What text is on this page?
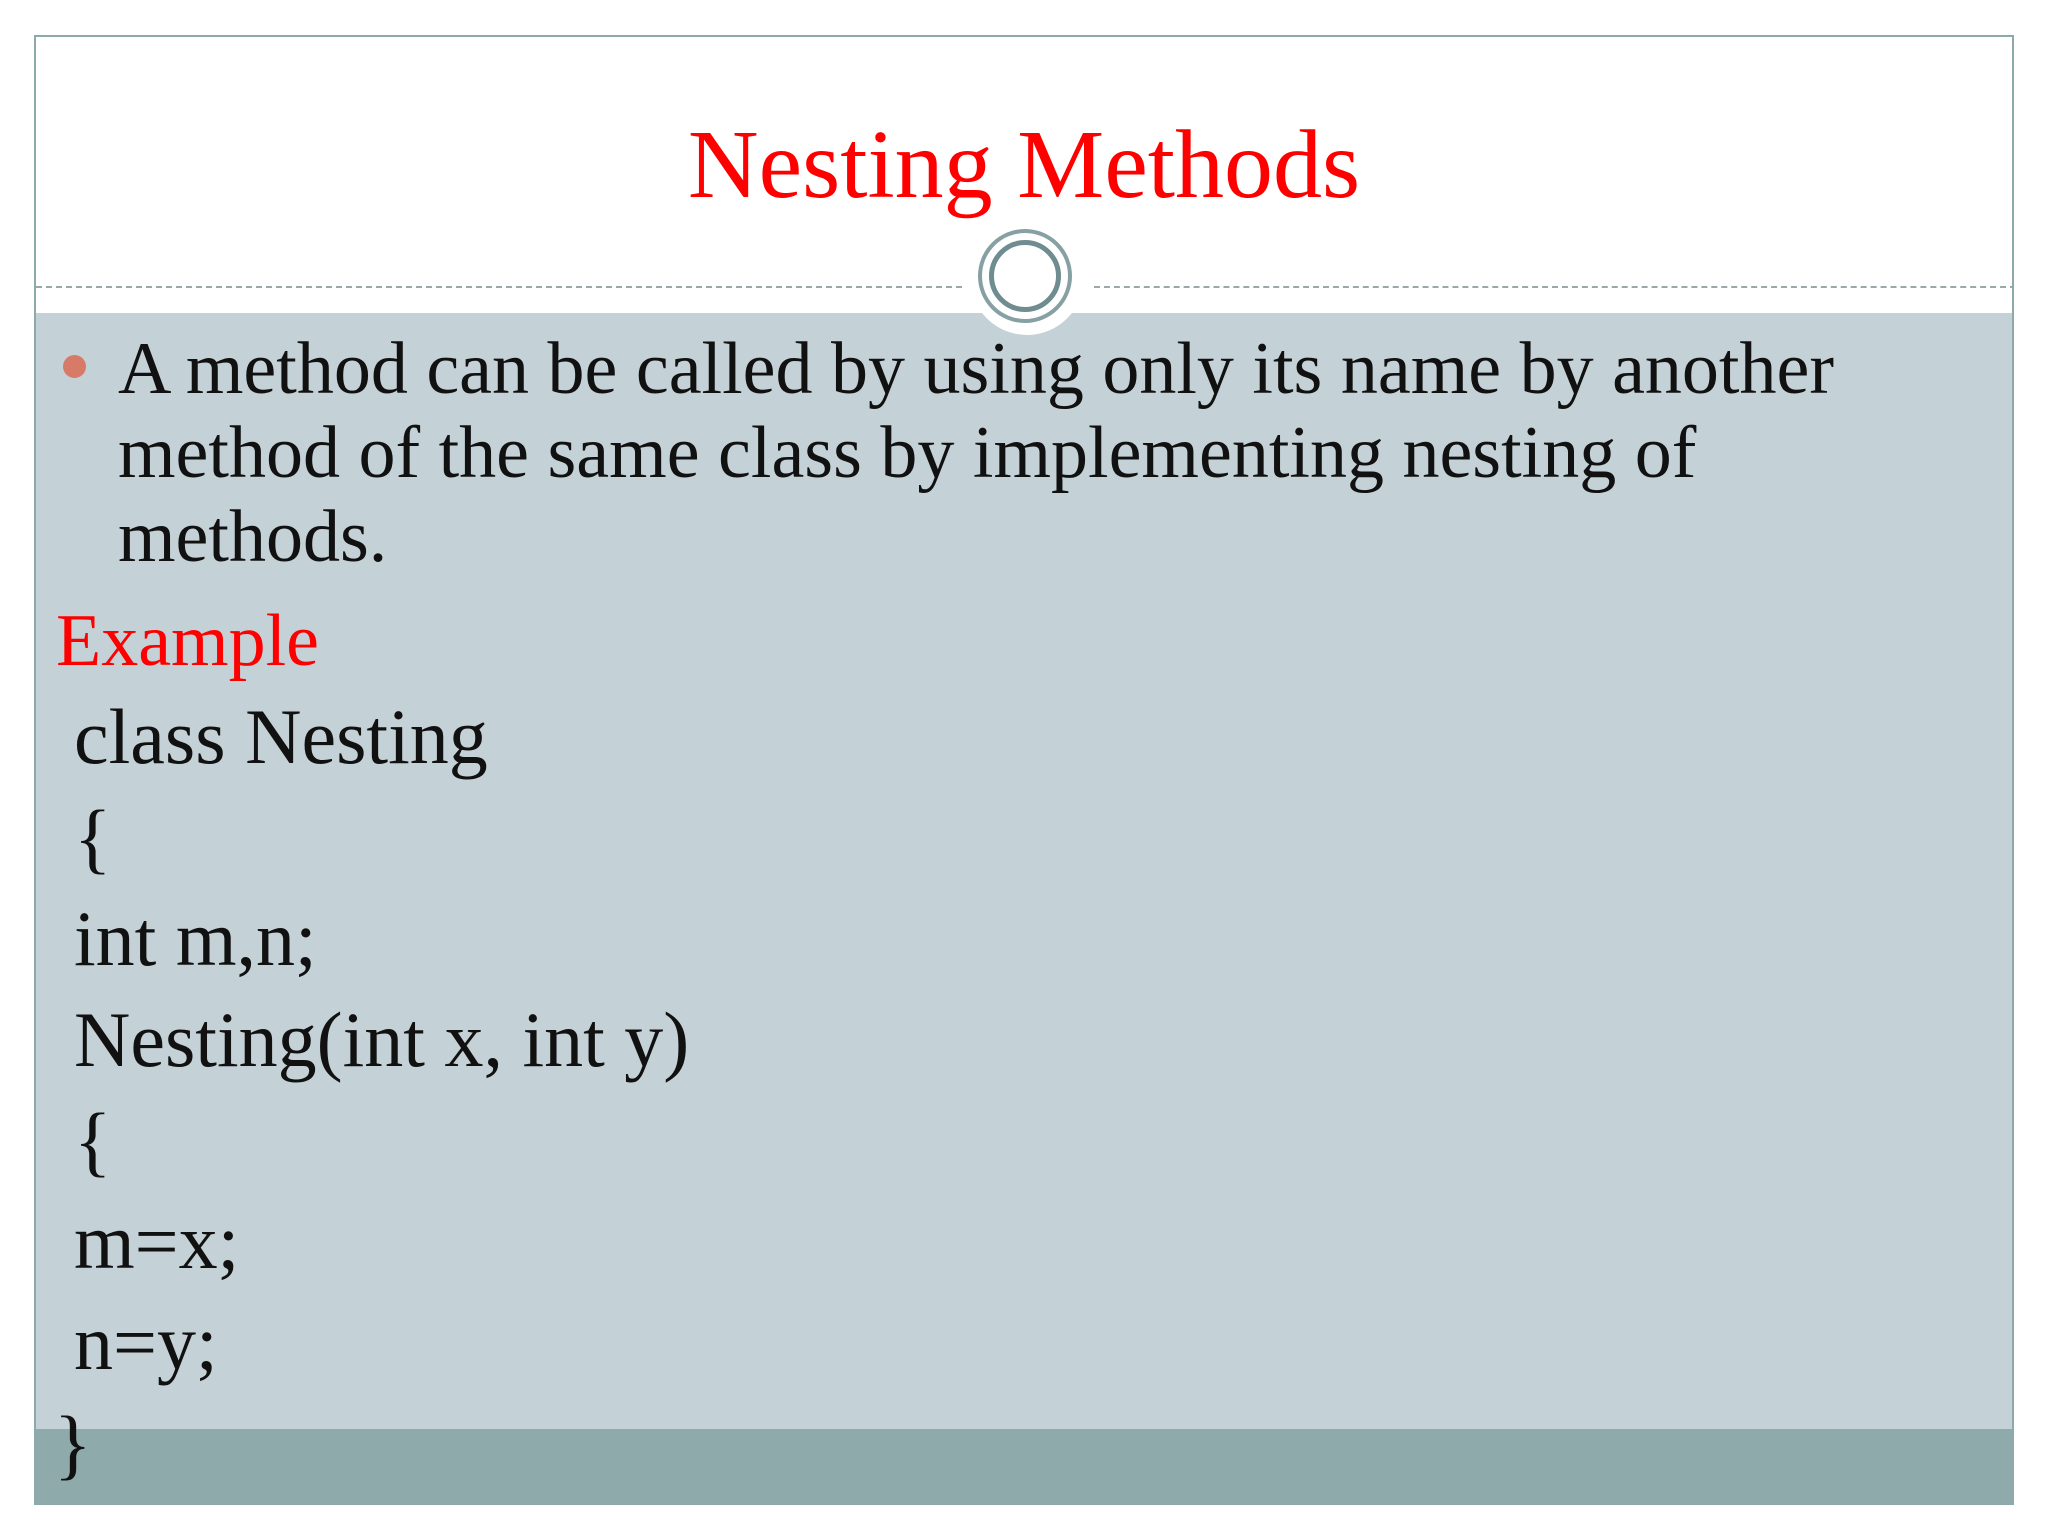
Nesting Methods
A method can be called by using only its name by another method of the same class by implementing nesting of methods.
Example
class Nesting
{
int m,n;
Nesting(int x, int y)
{
m=x;
n=y;
}
